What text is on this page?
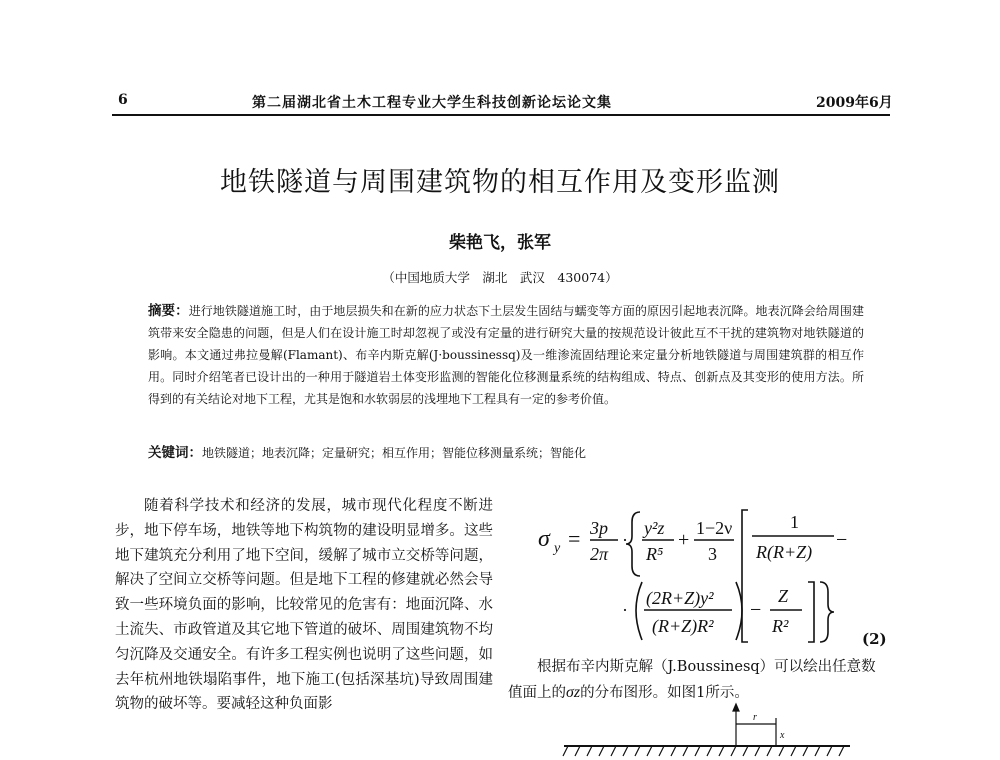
6	第二届湖北省土木工程专业大学生科技创新论坛论文集	2009年6月
地铁隧道与周围建筑物的相互作用及变形监测
柴艳飞，张军
（中国地质大学　湖北　武汉　430074）
摘要：进行地铁隧道施工时，由于地层损失和在新的应力状态下土层发生固结与蠕变等方面的原因引起地表沉降。地表沉降会给周围建筑带来安全隐患的问题，但是人们在设计施工时却忽视了或没有定量的进行研究大量的按规范设计彼此互不干扰的建筑物对地铁隧道的影响。本文通过弗拉曼解(Flamant)、布辛内斯克解(J·boussinessq)及一维渗流固结理论来定量分析地铁隧道与周围建筑群的相互作用。同时介绍笔者已设计出的一种用于隧道岩土体变形监测的智能化位移测量系统的结构组成、特点、创新点及其变形的使用方法。所得到的有关结论对地下工程，尤其是饱和水软弱层的浅埋地下工程具有一定的参考价值。
关键词：地铁隧道；地表沉降；定量研究；相互作用；智能位移测量系统；智能化
随着科学技术和经济的发展，城市现代化程度不断进步，地下停车场，地铁等地下构筑物的建设明显增多。这些地下建筑充分利用了地下空间，缓解了城市立交桥等问题，解决了空间立交桥等问题。但是地下工程的修建就必然会导致一些环境负面的影响，比较常见的危害有：地面沉降、水土流失、市政管道及其它地下管道的破坏、周围建筑物不均匀沉降及交通安全。有许多工程实例也说明了这些问题，如去年杭州地铁塌陷事件，地下施工(包括深基坑)导致周围建筑物的破坏等。要减轻这种负面影
σ y = 3p
2π
·
y²z
R⁵
+
1−2ν
3
1
R(R+Z)
−
·
(2R+Z)y²
(R+Z)R²
−
Z
R²
(2)
根据布辛内斯克解（J.Boussinesq）可以绘出任意数值面上的σz的分布图形。如图1所示。
r
x
